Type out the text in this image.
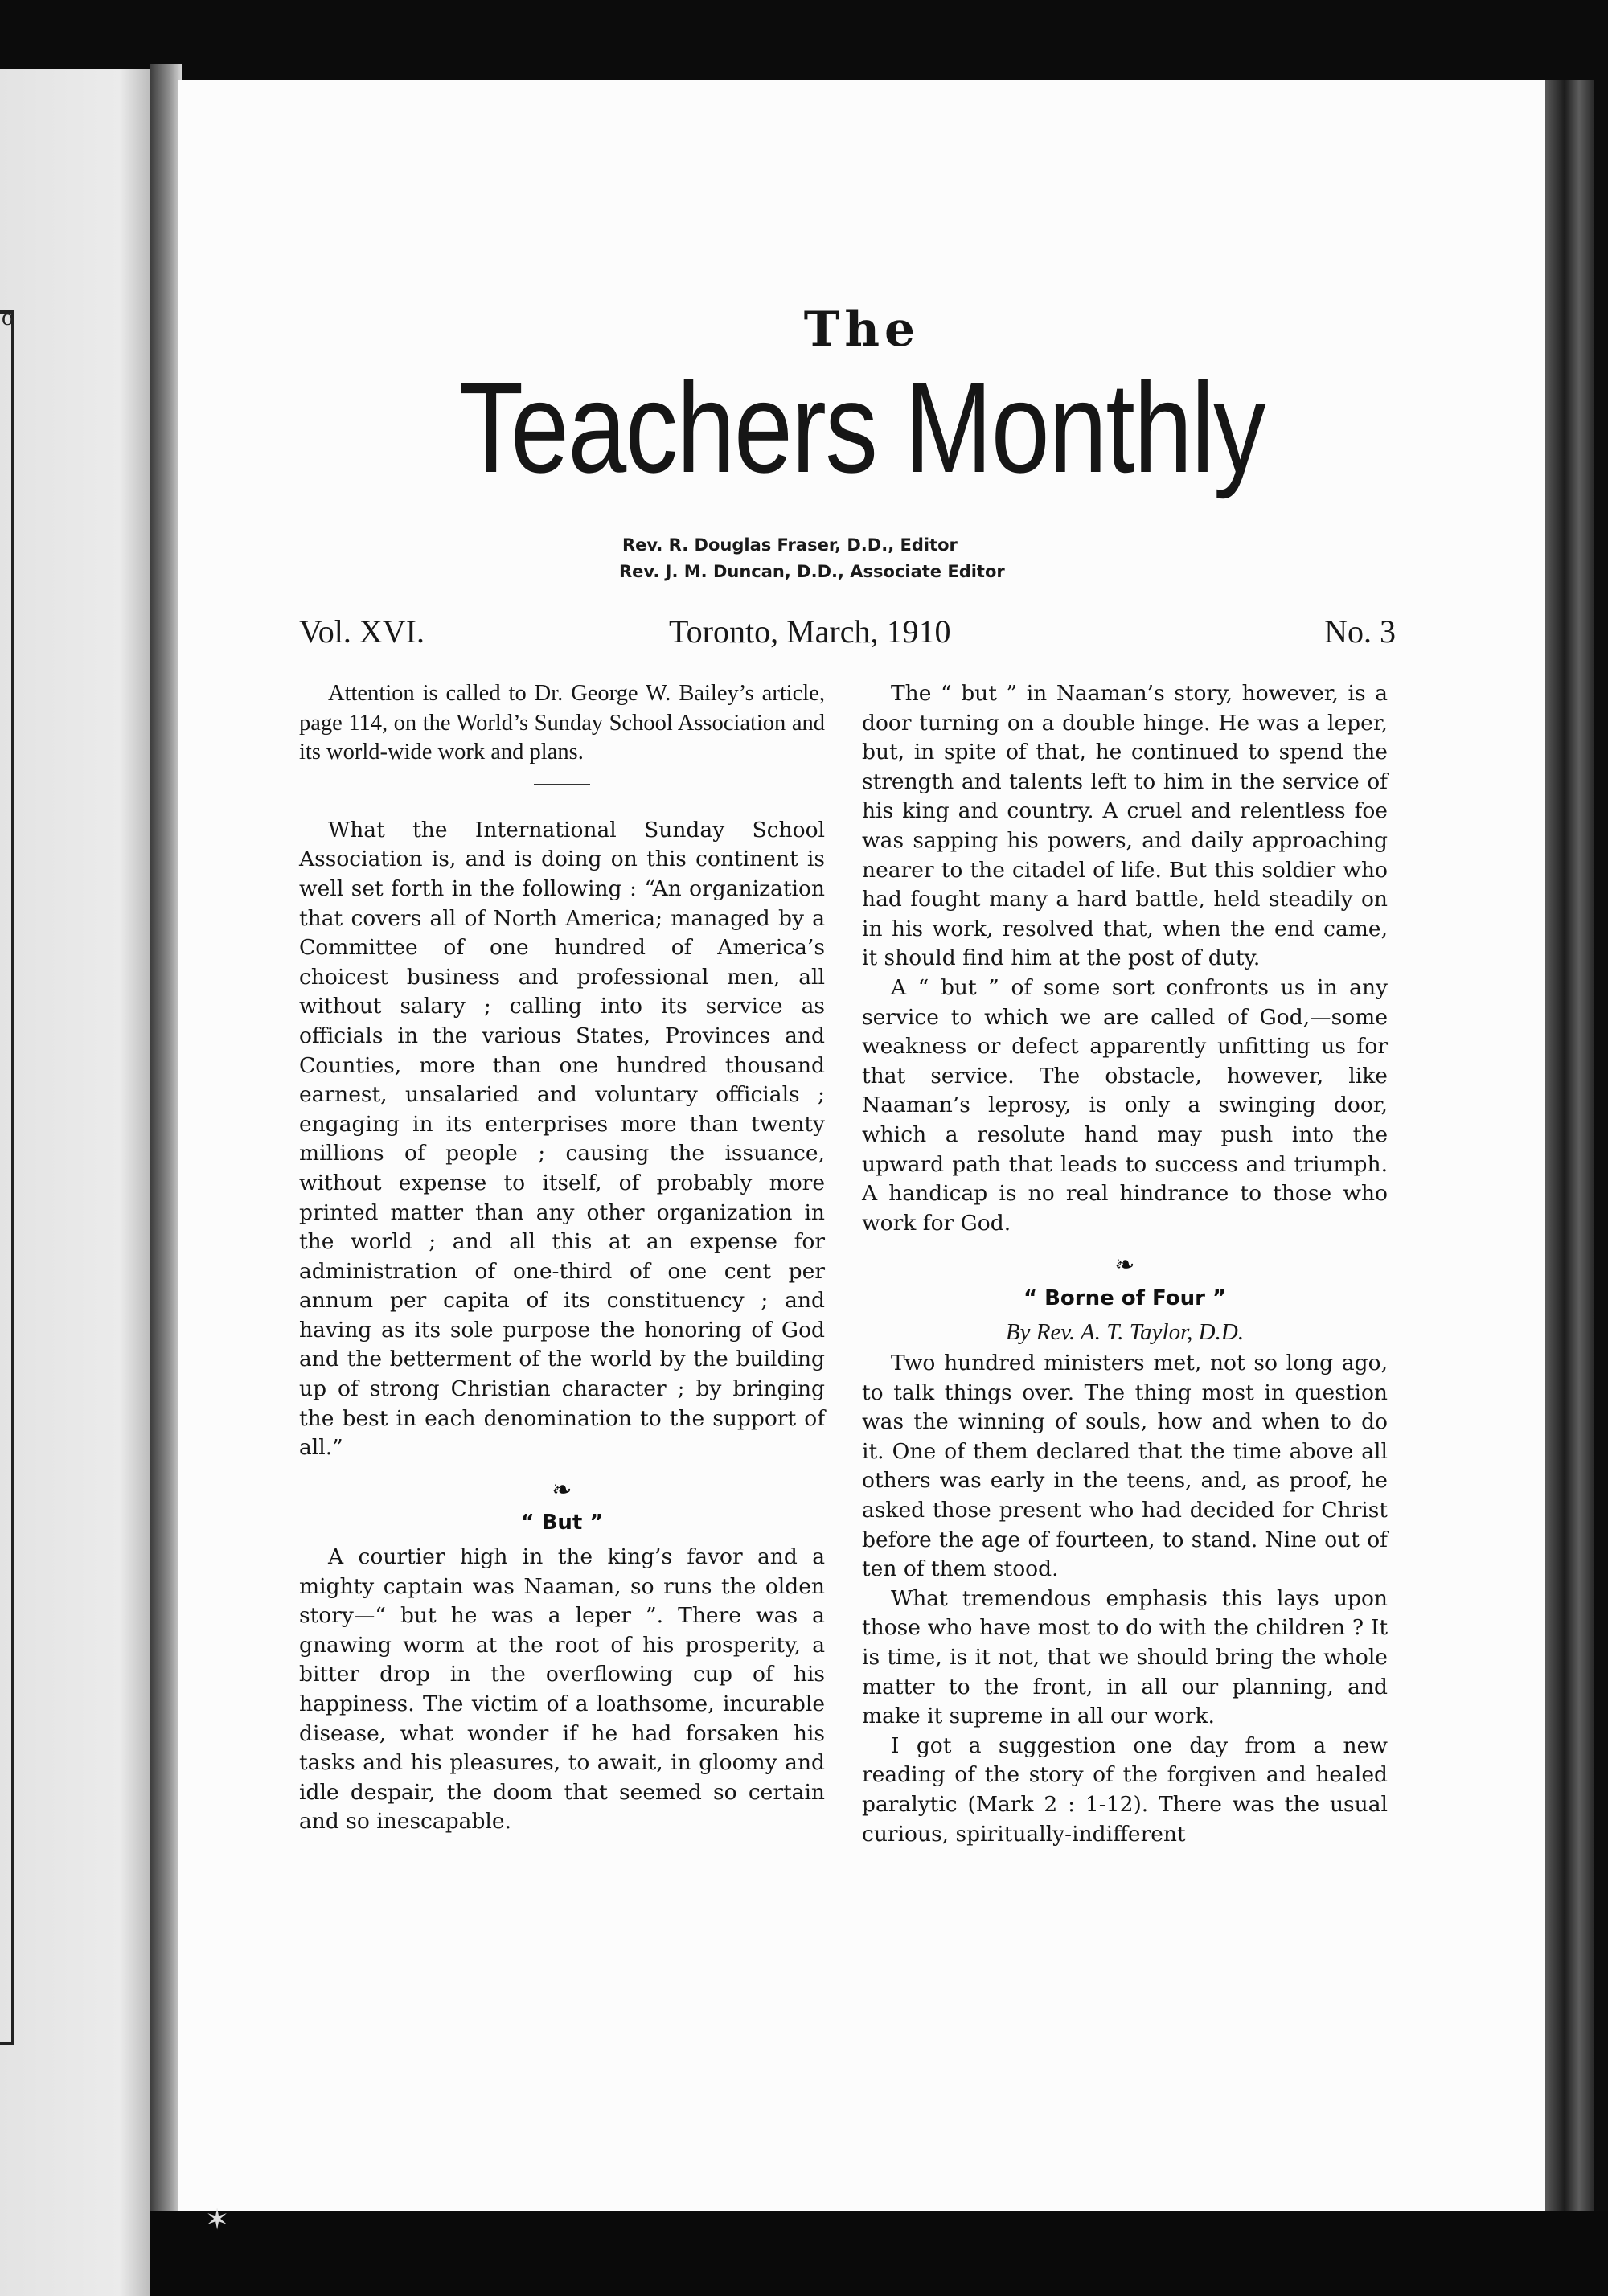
o	The
Teachers Monthly
Rev. R. Douglas Fraser, D.D., Editor
Rev. J. M. Duncan, D.D., Associate Editor
Vol. XVI.	Toronto, March, 1910	No. 3

Attention is called to Dr. George W. Bailey’s article, page 114, on the World’s Sunday School Association and its world-wide work and plans.

What the International Sunday School Association is, and is doing on this continent is well set forth in the following : “An organization that covers all of North America; managed by a Committee of one hundred of America’s choicest business and professional men, all without salary ; calling into its service as officials in the various States, Provinces and Counties, more than one hundred thousand earnest, unsalaried and voluntary officials ; engaging in its enterprises more than twenty millions of people ; causing the issuance, without expense to itself, of probably more printed matter than any other organization in the world ; and all this at an expense for administration of one-third of one cent per annum per capita of its constituency ; and having as its sole purpose the honoring of God and the betterment of the world by the building up of strong Christian character ; by bringing the best in each denomination to the support of all.”

❧
“ But ”

A courtier high in the king’s favor and a mighty captain was Naaman, so runs the olden story—“ but he was a leper ”. There was a gnawing worm at the root of his prosperity, a bitter drop in the overflowing cup of his happiness. The victim of a loathsome, incurable disease, what wonder if he had forsaken his tasks and his pleasures, to await, in gloomy and idle despair, the doom that seemed so certain and so inescapable.

The “ but ” in Naaman’s story, however, is a door turning on a double hinge. He was a leper, but, in spite of that, he continued to spend the strength and talents left to him in the service of his king and country. A cruel and relentless foe was sapping his powers, and daily approaching nearer to the citadel of life. But this soldier who had fought many a hard battle, held steadily on in his work, resolved that, when the end came, it should find him at the post of duty.

A “ but ” of some sort confronts us in any service to which we are called of God,—some weakness or defect apparently unfitting us for that service. The obstacle, however, like Naaman’s leprosy, is only a swinging door, which a resolute hand may push into the upward path that leads to success and triumph. A handicap is no real hindrance to those who work for God.

❧
“ Borne of Four ”
By Rev. A. T. Taylor, D.D.

Two hundred ministers met, not so long ago, to talk things over. The thing most in question was the winning of souls, how and when to do it. One of them declared that the time above all others was early in the teens, and, as proof, he asked those present who had decided for Christ before the age of fourteen, to stand. Nine out of ten of them stood.

What tremendous emphasis this lays upon those who have most to do with the children ? It is time, is it not, that we should bring the whole matter to the front, in all our planning, and make it supreme in all our work.

I got a suggestion one day from a new reading of the story of the forgiven and healed paralytic (Mark 2 : 1-12). There was the usual curious, spiritually-indifferent

✶
